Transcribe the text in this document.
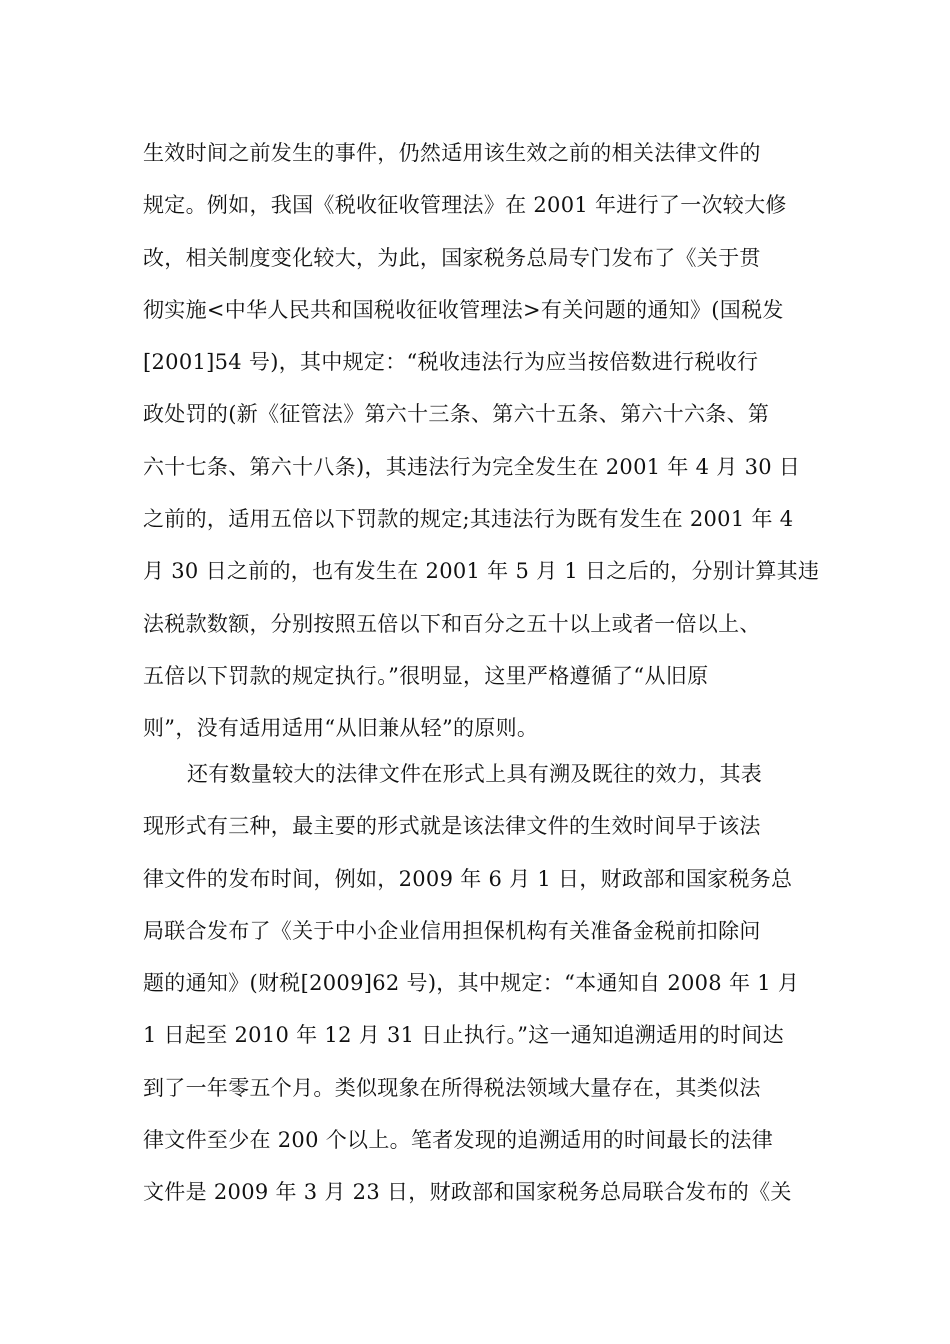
生效时间之前发生的事件，仍然适用该生效之前的相关法律文件的
规定。例如，我国《税收征收管理法》在 2001 年进行了一次较大修
改，相关制度变化较大，为此，国家税务总局专门发布了《关于贯
彻实施<中华人民共和国税收征收管理法>有关问题的通知》(国税发
[2001]54 号)，其中规定：“税收违法行为应当按倍数进行税收行
政处罚的(新《征管法》第六十三条、第六十五条、第六十六条、第
六十七条、第六十八条)，其违法行为完全发生在 2001 年 4 月 30 日
之前的，适用五倍以下罚款的规定;其违法行为既有发生在 2001 年 4
月 30 日之前的，也有发生在 2001 年 5 月 1 日之后的，分别计算其违
法税款数额，分别按照五倍以下和百分之五十以上或者一倍以上、
五倍以下罚款的规定执行。”很明显，这里严格遵循了“从旧原
则”，没有适用适用“从旧兼从轻”的原则。

还有数量较大的法律文件在形式上具有溯及既往的效力，其表
现形式有三种，最主要的形式就是该法律文件的生效时间早于该法
律文件的发布时间，例如，2009 年 6 月 1 日，财政部和国家税务总
局联合发布了《关于中小企业信用担保机构有关准备金税前扣除问
题的通知》(财税[2009]62 号)，其中规定：“本通知自 2008 年 1 月
1 日起至 2010 年 12 月 31 日止执行。”这一通知追溯适用的时间达
到了一年零五个月。类似现象在所得税法领域大量存在，其类似法
律文件至少在 200 个以上。笔者发现的追溯适用的时间最长的法律
文件是 2009 年 3 月 23 日，财政部和国家税务总局联合发布的《关
